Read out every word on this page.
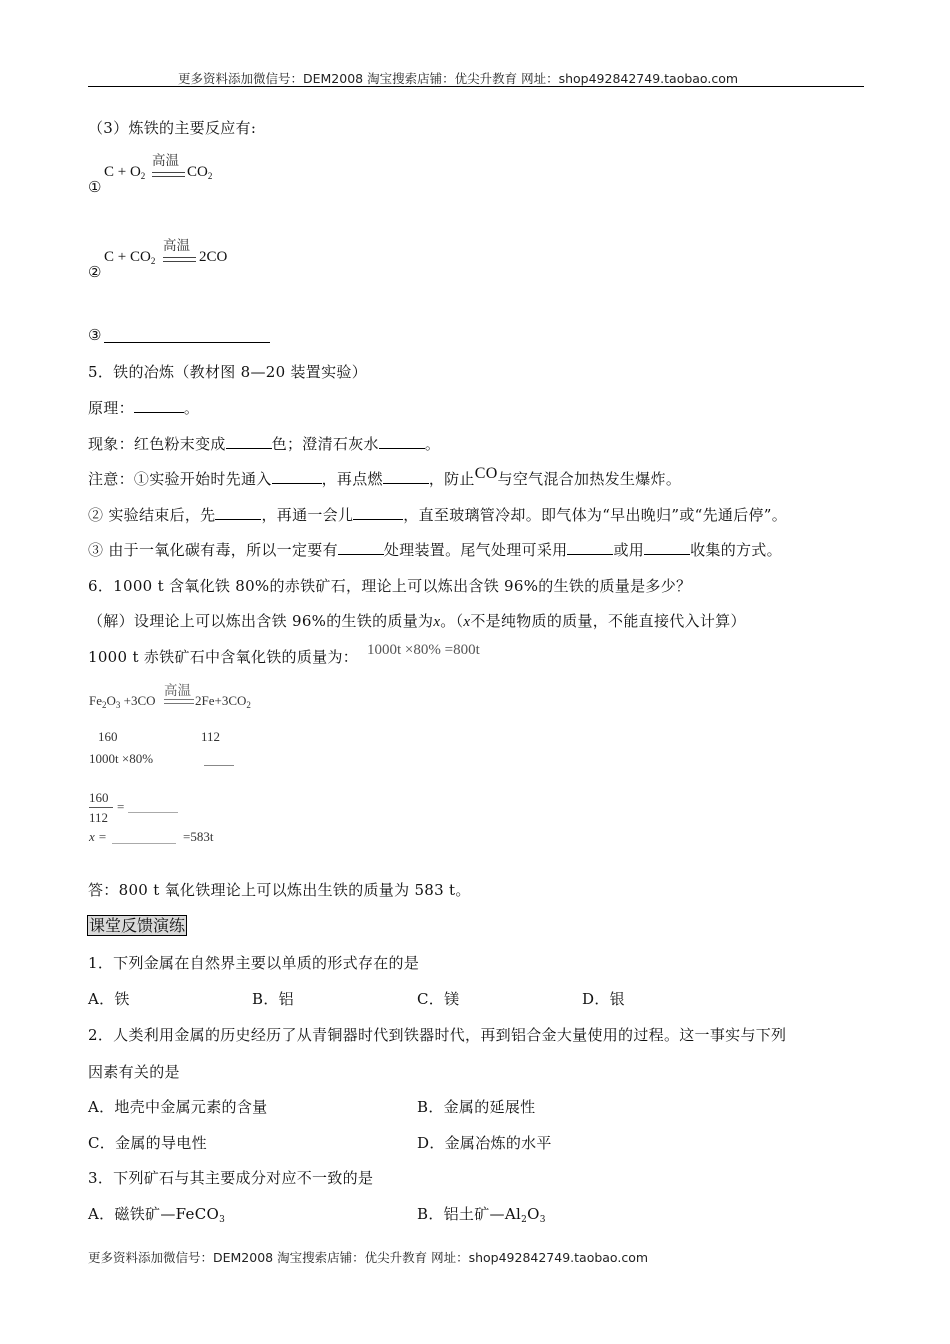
更多资料添加微信号：DEM2008 淘宝搜索店铺：优尖升教育 网址：shop492842749.taobao.com
（3）炼铁的主要反应有:
①
$C + O_2$
高温
$CO_2$
②
$C + CO_2$
高温
2CO
③
5．铁的冶炼（教材图 8—20 装置实验）
原理：	。
现象：红色粉末变成	色；澄清石灰水	。
注意：①实验开始时先通入	，再点燃	，防止CO与空气混合加热发生爆炸。
② 实验结束后，先	，再通一会儿	，直至玻璃管冷却。即气体为“早出晚归”或“先通后停”。
③ 由于一氧化碳有毒，所以一定要有	处理装置。尾气处理可采用	或用	收集的方式。
6．1000 t 含氧化铁 80%的赤铁矿石，理论上可以炼出含铁 96%的生铁的质量是多少？
（解）设理论上可以炼出含铁 96%的生铁的质量为x。（x不是纯物质的质量，不能直接代入计算）
1000 t 赤铁矿石中含氧化铁的质量为： 1000t ×80% =800t
$Fe_2O_3 +3CO$
高温
$2Fe+3CO_2$
160	112
1000t ×80%
160
112
=
x =	=583t
答：800 t 氧化铁理论上可以炼出生铁的质量为 583 t。
课堂反馈演练
1．下列金属在自然界主要以单质的形式存在的是
A．铁	B．铝	C．镁	D．银
2．人类利用金属的历史经历了从青铜器时代到铁器时代，再到铝合金大量使用的过程。这一事实与下列
因素有关的是
A．地壳中金属元素的含量	B．金属的延展性
C．金属的导电性	D．金属冶炼的水平
3．下列矿石与其主要成分对应不一致的是
A．磁铁矿—FeCO$_3$	B．铝土矿$—Al_2O_3$
更多资料添加微信号：DEM2008 淘宝搜索店铺：优尖升教育 网址：shop492842749.taobao.com
